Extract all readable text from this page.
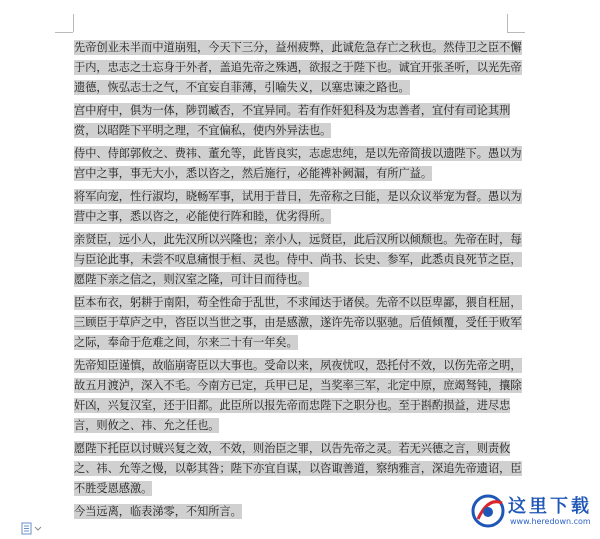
先帝创业未半而中道崩殂，今天下三分，益州疲弊，此诚危急存亡之秋也。然侍卫之臣不懈于内，忠志之士忘身于外者，盖追先帝之殊遇，欲报之于陛下也。诚宜开张圣听，以光先帝遗德，恢弘志士之气，不宜妄自菲薄，引喻失义，以塞忠谏之路也。

宫中府中，俱为一体，陟罚臧否，不宜异同。若有作奸犯科及为忠善者，宜付有司论其刑赏，以昭陛下平明之理，不宜偏私，使内外异法也。

侍中、侍郎郭攸之、费祎、董允等，此皆良实，志虑忠纯，是以先帝简拔以遗陛下。愚以为宫中之事，事无大小，悉以咨之，然后施行，必能裨补阙漏，有所广益。

将军向宠，性行淑均，晓畅军事，试用于昔日，先帝称之曰能，是以众议举宠为督。愚以为营中之事，悉以咨之，必能使行阵和睦，优劣得所。

亲贤臣，远小人，此先汉所以兴隆也；亲小人，远贤臣，此后汉所以倾颓也。先帝在时，每与臣论此事，未尝不叹息痛恨于桓、灵也。侍中、尚书、长史、参军，此悉贞良死节之臣，愿陛下亲之信之，则汉室之隆，可计日而待也。

臣本布衣，躬耕于南阳，苟全性命于乱世，不求闻达于诸侯。先帝不以臣卑鄙，猥自枉屈，三顾臣于草庐之中，咨臣以当世之事，由是感激，遂许先帝以驱驰。后值倾覆，受任于败军之际，奉命于危难之间，尔来二十有一年矣。

先帝知臣谨慎，故临崩寄臣以大事也。受命以来，夙夜忧叹，恐托付不效，以伤先帝之明，故五月渡泸，深入不毛。今南方已定，兵甲已足，当奖率三军，北定中原，庶竭驽钝，攘除奸凶，兴复汉室，还于旧都。此臣所以报先帝而忠陛下之职分也。至于斟酌损益，进尽忠言，则攸之、祎、允之任也。

愿陛下托臣以讨贼兴复之效，不效，则治臣之罪，以告先帝之灵。若无兴德之言，则责攸之、祎、允等之慢，以彰其咎；陛下亦宜自谋，以咨诹善道，察纳雅言，深追先帝遗诏，臣不胜受恩感激。

今当远离，临表涕零，不知所言。	这里下载
www.heredown.com
